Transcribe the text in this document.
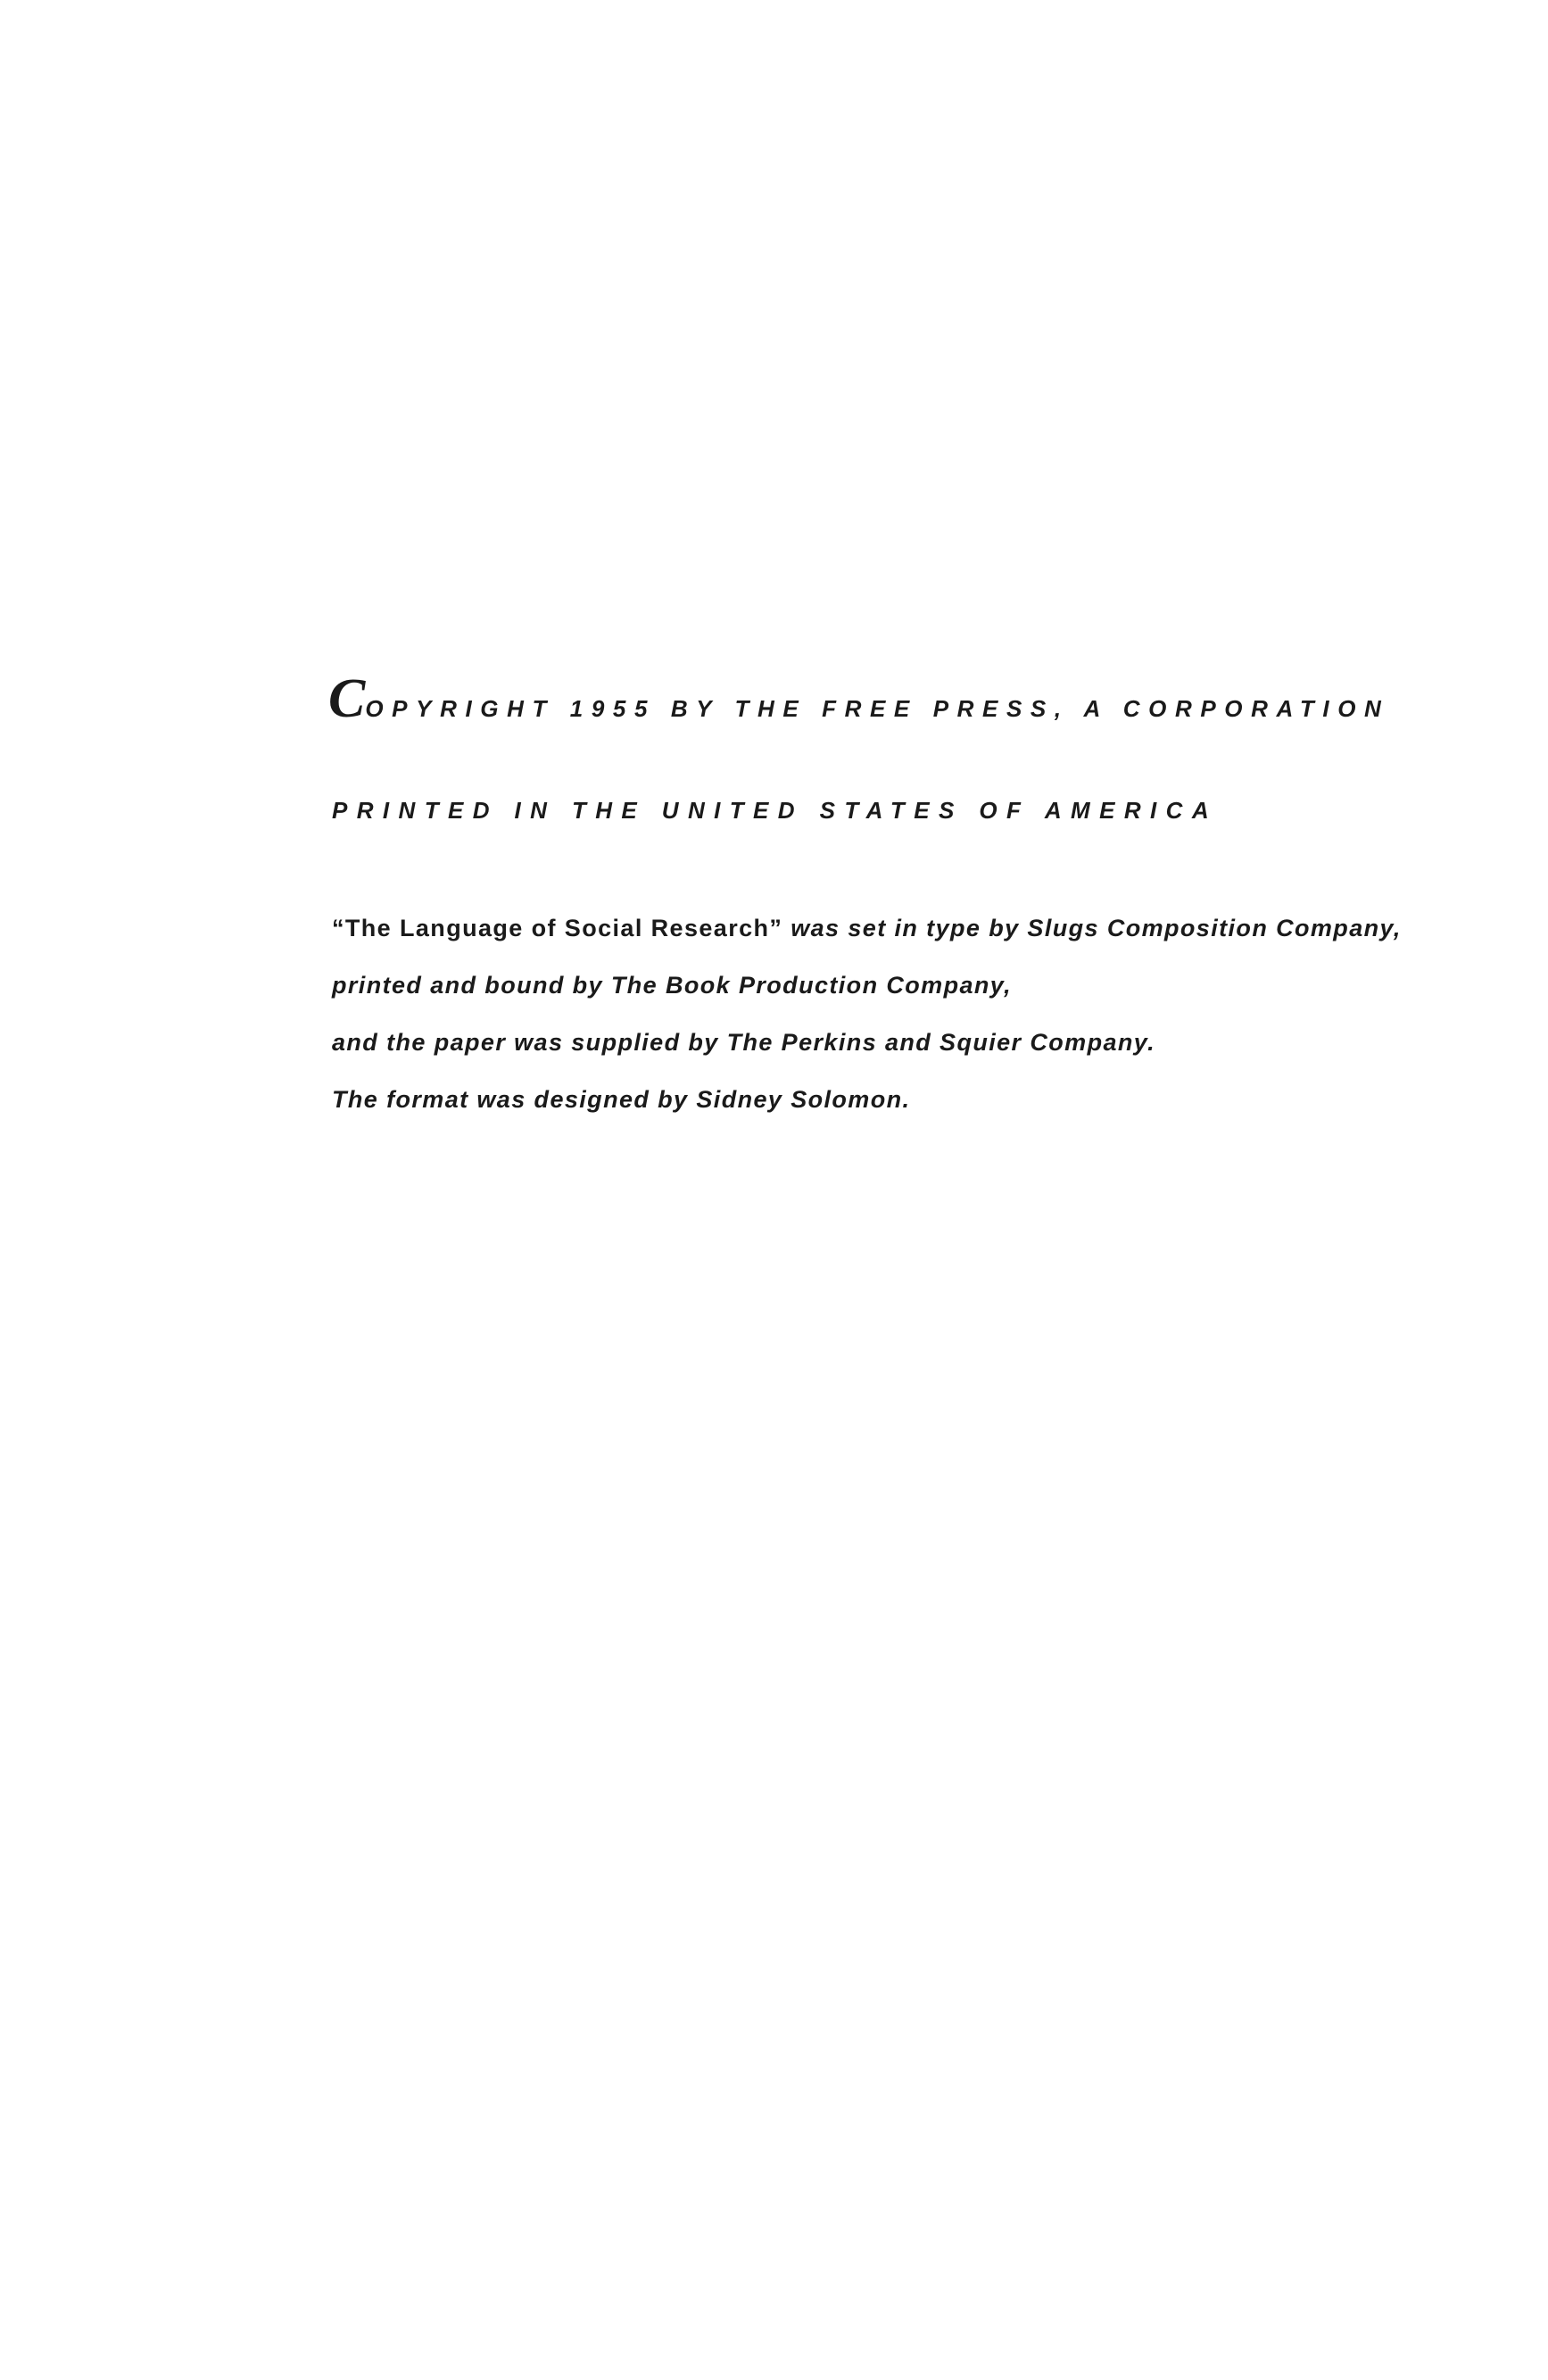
COPYRIGHT 1955 BY THE FREE PRESS, A CORPORATION
PRINTED IN THE UNITED STATES OF AMERICA
“The Language of Social Research” was set in type by Slugs Composition Company,
printed and bound by The Book Production Company,
and the paper was supplied by The Perkins and Squier Company.
The format was designed by Sidney Solomon.
